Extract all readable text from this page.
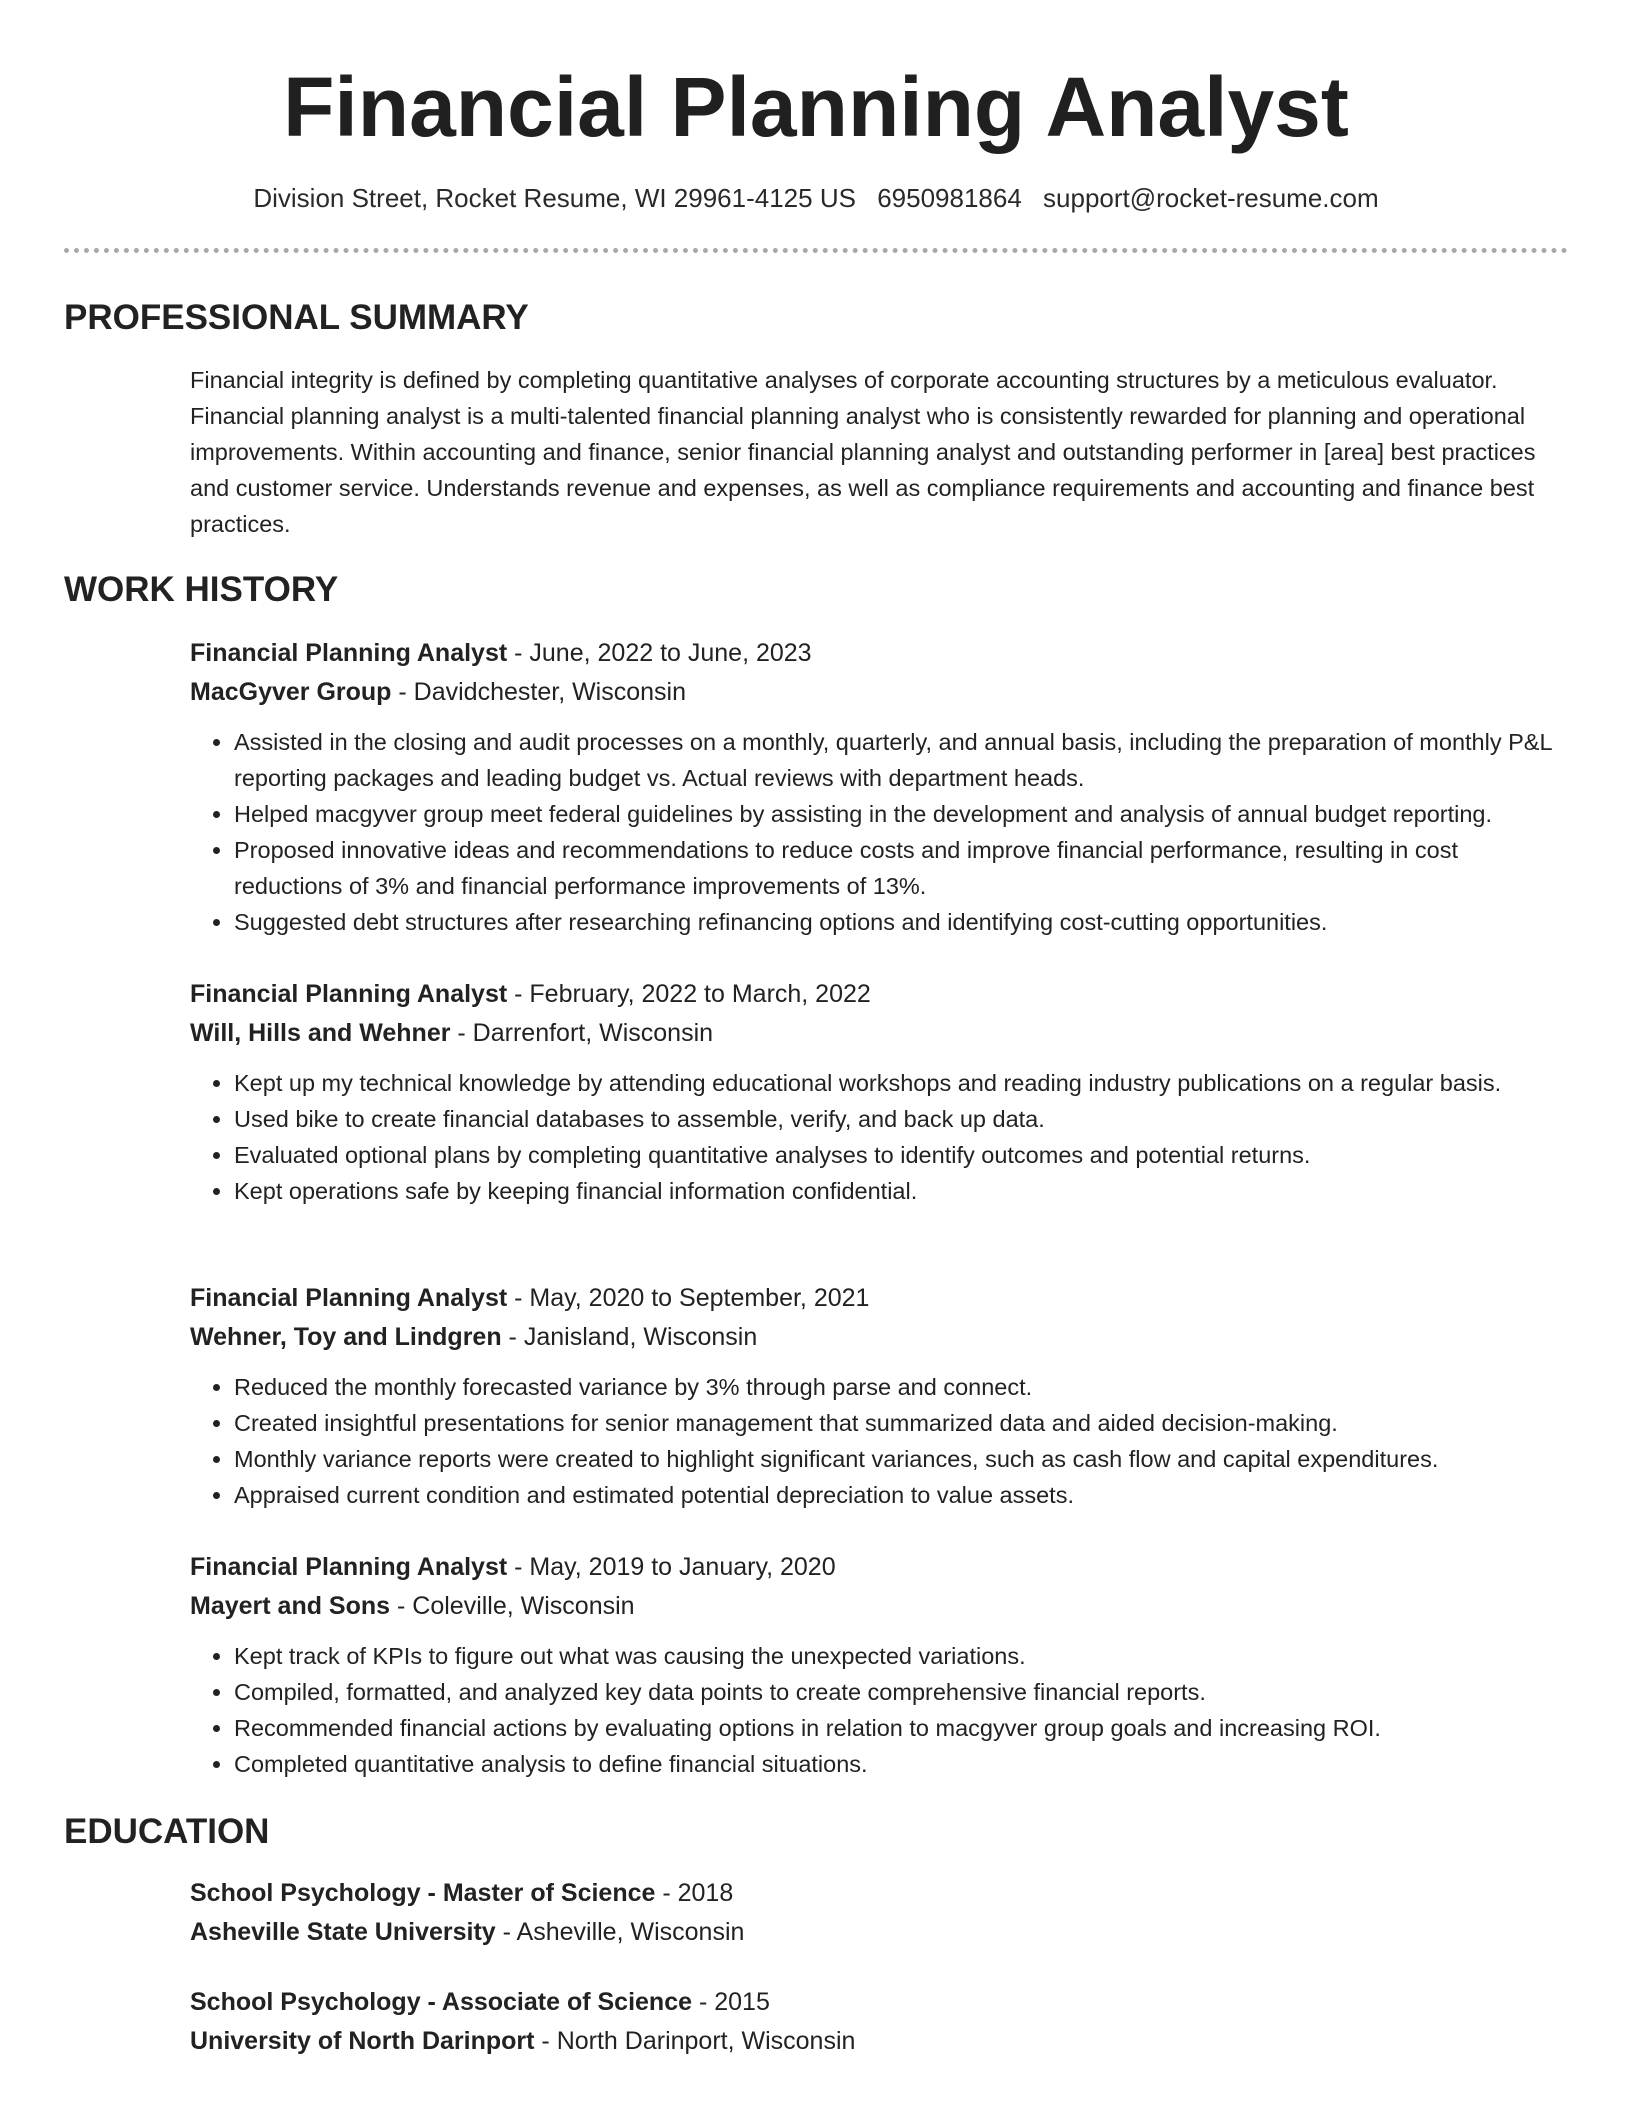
Financial Planning Analyst
Division Street, Rocket Resume, WI 29961-4125 US 6950981864 support@rocket-resume.com
PROFESSIONAL SUMMARY

Financial integrity is defined by completing quantitative analyses of corporate accounting structures by a meticulous evaluator. Financial planning analyst is a multi-talented financial planning analyst who is consistently rewarded for planning and operational improvements. Within accounting and finance, senior financial planning analyst and outstanding performer in [area] best practices and customer service. Understands revenue and expenses, as well as compliance requirements and accounting and finance best practices.

WORK HISTORY
Financial Planning Analyst - June, 2022 to June, 2023
MacGyver Group - Davidchester, Wisconsin
• Assisted in the closing and audit processes on a monthly, quarterly, and annual basis, including the preparation of monthly P&L reporting packages and leading budget vs. Actual reviews with department heads.
• Helped macgyver group meet federal guidelines by assisting in the development and analysis of annual budget reporting.
• Proposed innovative ideas and recommendations to reduce costs and improve financial performance, resulting in cost reductions of 3% and financial performance improvements of 13%.
• Suggested debt structures after researching refinancing options and identifying cost-cutting opportunities.
Financial Planning Analyst - February, 2022 to March, 2022
Will, Hills and Wehner - Darrenfort, Wisconsin
• Kept up my technical knowledge by attending educational workshops and reading industry publications on a regular basis.
• Used bike to create financial databases to assemble, verify, and back up data.
• Evaluated optional plans by completing quantitative analyses to identify outcomes and potential returns.
• Kept operations safe by keeping financial information confidential.
Financial Planning Analyst - May, 2020 to September, 2021
Wehner, Toy and Lindgren - Janisland, Wisconsin
• Reduced the monthly forecasted variance by 3% through parse and connect.
• Created insightful presentations for senior management that summarized data and aided decision-making.
• Monthly variance reports were created to highlight significant variances, such as cash flow and capital expenditures.
• Appraised current condition and estimated potential depreciation to value assets.
Financial Planning Analyst - May, 2019 to January, 2020
Mayert and Sons - Coleville, Wisconsin
• Kept track of KPIs to figure out what was causing the unexpected variations.
• Compiled, formatted, and analyzed key data points to create comprehensive financial reports.
• Recommended financial actions by evaluating options in relation to macgyver group goals and increasing ROI.
• Completed quantitative analysis to define financial situations.
EDUCATION
School Psychology - Master of Science - 2018
Asheville State University - Asheville, Wisconsin
School Psychology - Associate of Science - 2015
University of North Darinport - North Darinport, Wisconsin
